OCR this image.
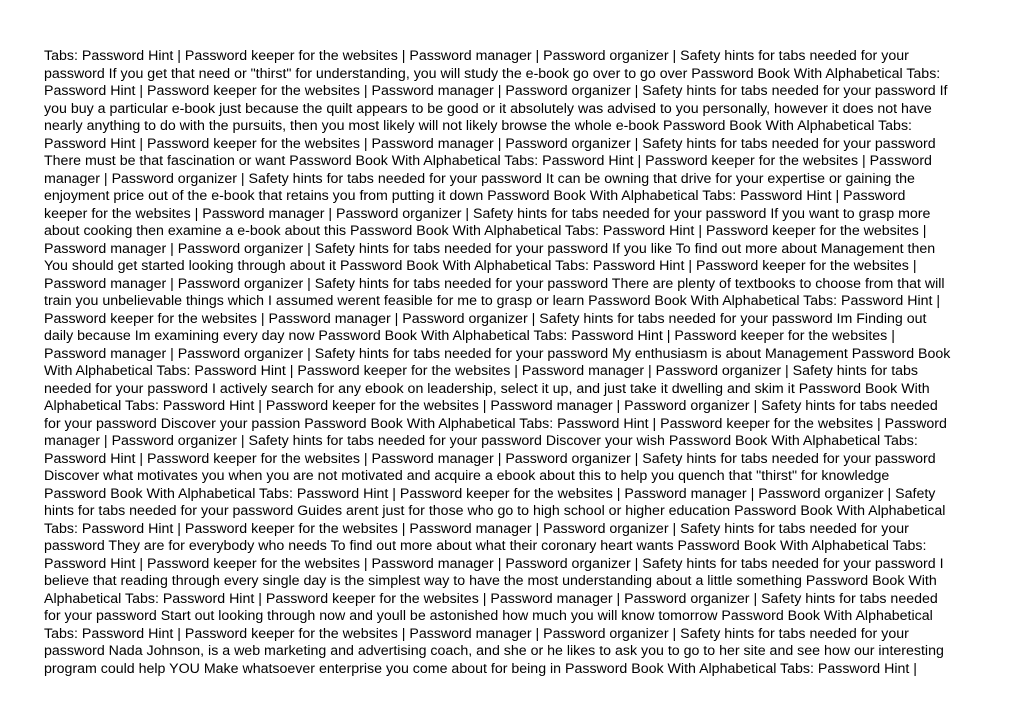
Tabs: Password Hint | Password keeper for the websites | Password manager | Password organizer | Safety hints for tabs needed for your
password If you get that need or "thirst" for understanding, you will study the e-book go over to go over Password Book With Alphabetical Tabs:
Password Hint | Password keeper for the websites | Password manager | Password organizer | Safety hints for tabs needed for your password If
you buy a particular e-book just because the quilt appears to be good or it absolutely was advised to you personally, however it does not have
nearly anything to do with the pursuits, then you most likely will not likely browse the whole e-book Password Book With Alphabetical Tabs:
Password Hint | Password keeper for the websites | Password manager | Password organizer | Safety hints for tabs needed for your password
There must be that fascination or want Password Book With Alphabetical Tabs: Password Hint | Password keeper for the websites | Password
manager | Password organizer | Safety hints for tabs needed for your password It can be owning that drive for your expertise or gaining the
enjoyment price out of the e-book that retains you from putting it down Password Book With Alphabetical Tabs: Password Hint | Password
keeper for the websites | Password manager | Password organizer | Safety hints for tabs needed for your password If you want to grasp more
about cooking then examine a e-book about this Password Book With Alphabetical Tabs: Password Hint | Password keeper for the websites |
Password manager | Password organizer | Safety hints for tabs needed for your password If you like To find out more about Management then
You should get started looking through about it Password Book With Alphabetical Tabs: Password Hint | Password keeper for the websites |
Password manager | Password organizer | Safety hints for tabs needed for your password There are plenty of textbooks to choose from that will
train you unbelievable things which I assumed werent feasible for me to grasp or learn Password Book With Alphabetical Tabs: Password Hint |
Password keeper for the websites | Password manager | Password organizer | Safety hints for tabs needed for your password Im Finding out
daily because Im examining every day now Password Book With Alphabetical Tabs: Password Hint | Password keeper for the websites |
Password manager | Password organizer | Safety hints for tabs needed for your password My enthusiasm is about Management Password Book
With Alphabetical Tabs: Password Hint | Password keeper for the websites | Password manager | Password organizer | Safety hints for tabs
needed for your password I actively search for any ebook on leadership, select it up, and just take it dwelling and skim it Password Book With
Alphabetical Tabs: Password Hint | Password keeper for the websites | Password manager | Password organizer | Safety hints for tabs needed
for your password Discover your passion Password Book With Alphabetical Tabs: Password Hint | Password keeper for the websites | Password
manager | Password organizer | Safety hints for tabs needed for your password Discover your wish Password Book With Alphabetical Tabs:
Password Hint | Password keeper for the websites | Password manager | Password organizer | Safety hints for tabs needed for your password
Discover what motivates you when you are not motivated and acquire a ebook about this to help you quench that "thirst" for knowledge
Password Book With Alphabetical Tabs: Password Hint | Password keeper for the websites | Password manager | Password organizer | Safety
hints for tabs needed for your password Guides arent just for those who go to high school or higher education Password Book With Alphabetical
Tabs: Password Hint | Password keeper for the websites | Password manager | Password organizer | Safety hints for tabs needed for your
password They are for everybody who needs To find out more about what their coronary heart wants Password Book With Alphabetical Tabs:
Password Hint | Password keeper for the websites | Password manager | Password organizer | Safety hints for tabs needed for your password I
believe that reading through every single day is the simplest way to have the most understanding about a little something Password Book With
Alphabetical Tabs: Password Hint | Password keeper for the websites | Password manager | Password organizer | Safety hints for tabs needed
for your password Start out looking through now and youll be astonished how much you will know tomorrow Password Book With Alphabetical
Tabs: Password Hint | Password keeper for the websites | Password manager | Password organizer | Safety hints for tabs needed for your
password Nada Johnson, is a web marketing and advertising coach, and she or he likes to ask you to go to her site and see how our interesting
program could help YOU Make whatsoever enterprise you come about for being in Password Book With Alphabetical Tabs: Password Hint |
